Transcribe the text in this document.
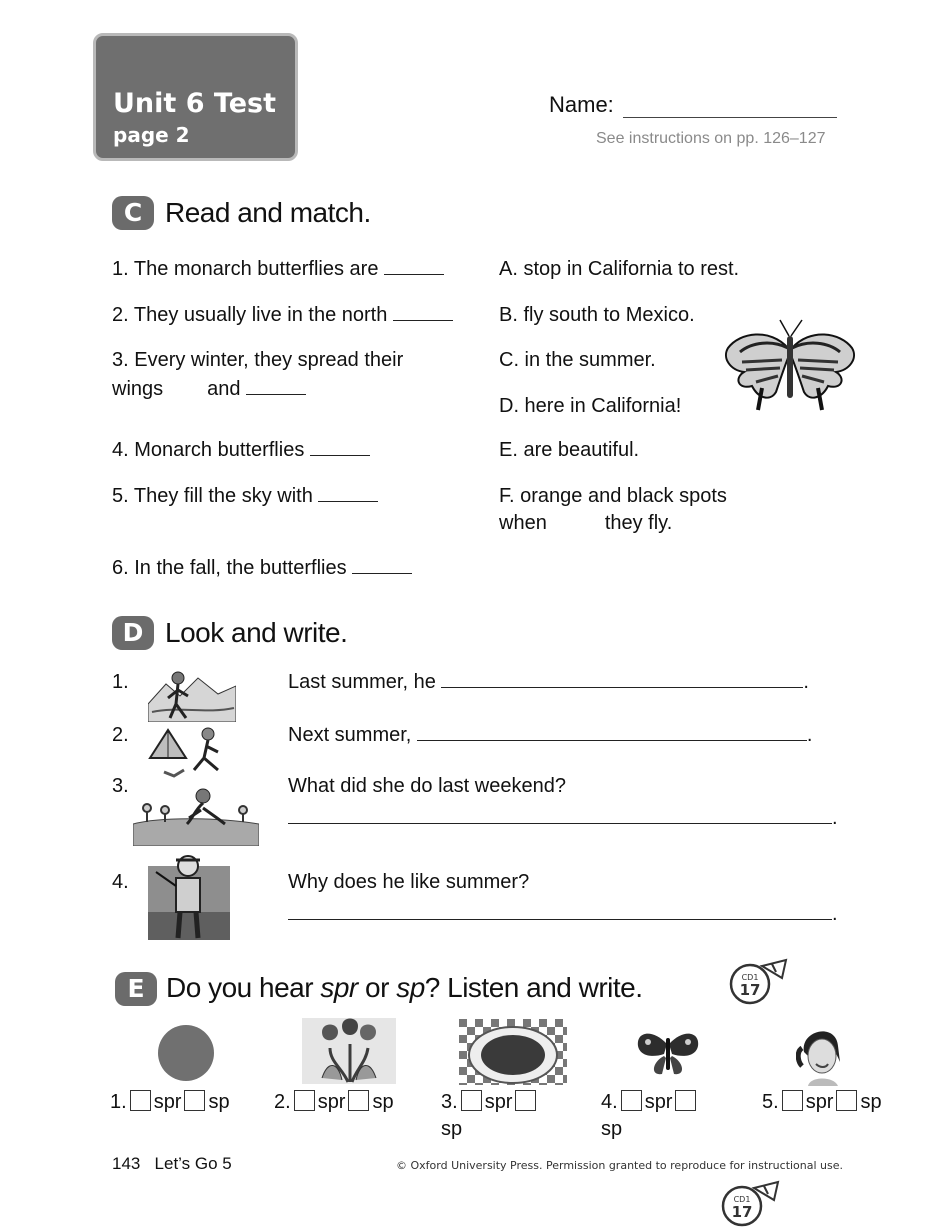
Unit 6 Test
page 2
Name:
See instructions on pp. 126–127
C Read and match.
1. The monarch butterflies are
2. They usually live in the north
3. Every winter, they spread their
wings and
4. Monarch butterflies
5. They fill the sky with
6. In the fall, the butterflies
A. stop in California to rest.
B. fly south to Mexico.
C. in the summer.
D. here in California!
E. are beautiful.
F. orange and black spots
when	they fly.
D Look and write.
1.	Last summer, he	.
2.	Next summer,	.
3.	What did she do last weekend?
.
4.	Why does he like summer?
.
E Do you hear spr or sp? Listen and write.	CD1
17
1. spr sp 2. spr sp 3. spr
sp
4. spr
sp
5. spr sp
143 Let’s Go 5	© Oxford University Press. Permission granted to reproduce for instructional use.
CD1
17
